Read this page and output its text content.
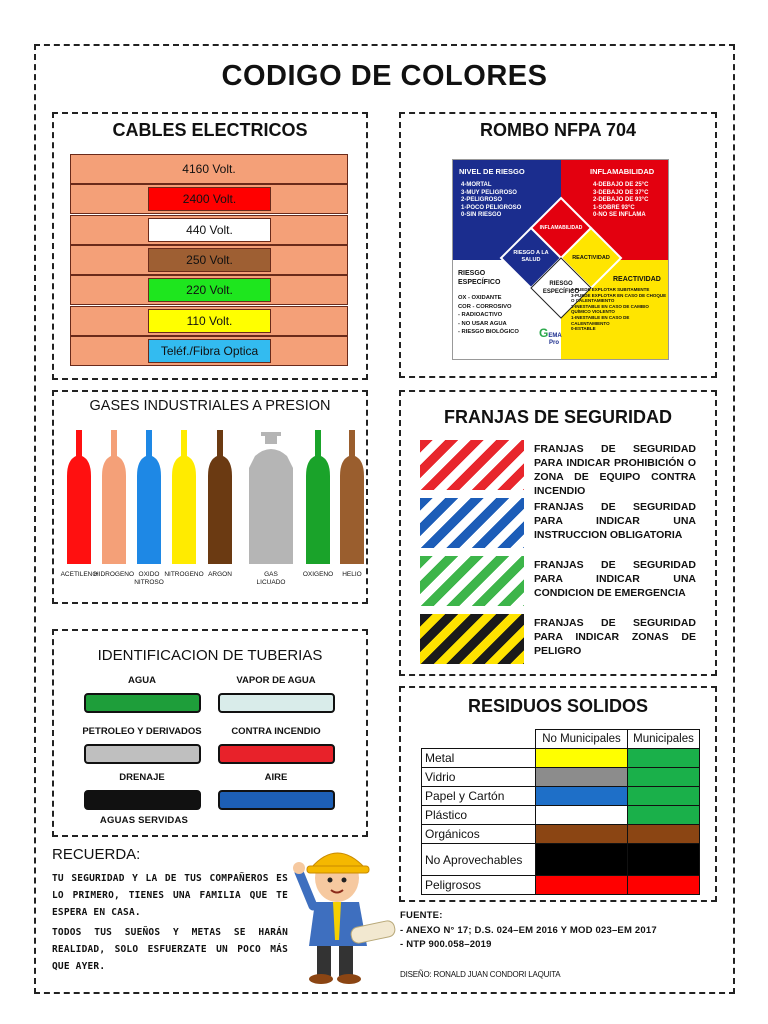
CODIGO DE COLORES
CABLES ELECTRICOS
4160 Volt.
2400 Volt.
440 Volt.
250 Volt.
220 Volt.
110 Volt.
Teléf./Fibra Optica
ROMBO NFPA 704
NIVEL DE RIESGO
4-MORTAL
3-MUY PELIGROSO
2-PELIGROSO
1-POCO PELIGROSO
0-SIN RIESGO
INFLAMABILIDAD
4-DEBAJO DE 25°C
3-DEBAJO DE 37°C
2-DEBAJO DE 93°C
1-SOBRE 93°C
0-NO SE INFLAMA
INFLAMABILIDAD
RIESGO A LA SALUD	REACTIVIDAD
RIESGO ESPECÍFICO
RIESGO ESPECÍFICO
OX - OXIDANTE
COR - CORROSIVO
- RADIOACTIVO
- NO USAR AGUA
- RIESGO BIOLÓGICO
REACTIVIDAD
4-PUEDE EXPLOTAR SUBITAMENTE
3-PUEDE EXPLOTAR EN CASO DE CHOQUE O CALENTAMIENTO
2-INESTABLE EN CASO DE CAMBIO QUÍMICO VIOLENTO
1-INESTABLE EN CASO DE CALENTAMIENTO
0-ESTABLE
GEMA
Pro
GASES INDUSTRIALES A PRESION
ACETILENO
HIDROGENO OXIDO NITROSO
NITROGENO ARGON	GAS LICUADO
OXIGENO	HELIO
FRANJAS DE SEGURIDAD
FRANJAS DE SEGURIDAD PARA INDICAR PROHIBICIÓN O ZONA DE EQUIPO CONTRA INCENDIO
FRANJAS DE SEGURIDAD PARA INDICAR UNA INSTRUCCION OBLIGATORIA
FRANJAS DE SEGURIDAD PARA INDICAR UNA CONDICION DE EMERGENCIA
FRANJAS DE SEGURIDAD PARA INDICAR ZONAS DE PELIGRO
IDENTIFICACION DE TUBERIAS
AGUA	VAPOR DE AGUA
PETROLEO Y DERIVADOS	CONTRA INCENDIO
DRENAJE	AIRE
AGUAS SERVIDAS
RESIDUOS SOLIDOS
	No Municipales	Municipales
Metal		
Vidrio		
Papel y Cartón		
Plástico		
Orgánicos		
No Aprovechables		
Peligrosos		
RECUERDA:
TU SEGURIDAD Y LA DE TUS COMPAÑEROS ES LO PRIMERO, TIENES UNA FAMILIA QUE TE ESPERA EN CASA.
TODOS TUS SUEÑOS Y METAS SE HARÁN REALIDAD, SOLO ESFUERZATE UN POCO MÁS QUE AYER.
FUENTE:
- ANEXO N° 17; D.S. 024–EM 2016 Y MOD 023–EM 2017
- NTP 900.058–2019
DISEÑO: RONALD JUAN CONDORI LAQUITA
